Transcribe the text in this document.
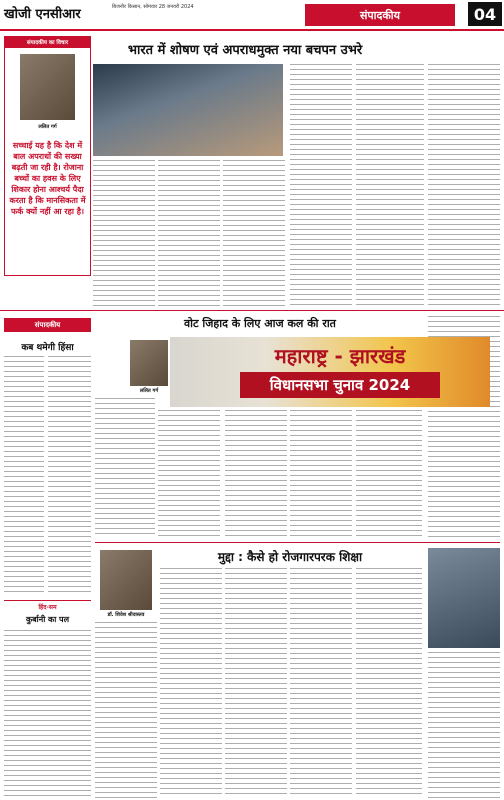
खोजी एनसीआर	बिजनौर किसान, सोमवार 28 जनवरी 2024
संपादकीय	04
भारत में शोषण एवं अपराधमुक्त नया बचपन उभरे
संपादकीय का विचार
ललित गर्ग
सच्चाई यह है कि देश में बाल अपराधों की सख्या बढ़ती जा रही है। रोजाना बच्चों का हवस के लिए शिकार होना आश्चर्य पैदा करता है कि मानसिकता में फर्क क्यों नहीं आ रहा है।
संपादकीय
कब थमेगी हिंसा
वोट जिहाद के लिए आज कल की रात
ललित गर्ग
महाराष्ट्र - झारखंड
विधानसभा चुनाव 2024
मुद्दा : कैसे हो रोजगारपरक शिक्षा
डॉ. शिवेश श्रीवास्तव
हिंद-सम
कुर्बानी का पल
